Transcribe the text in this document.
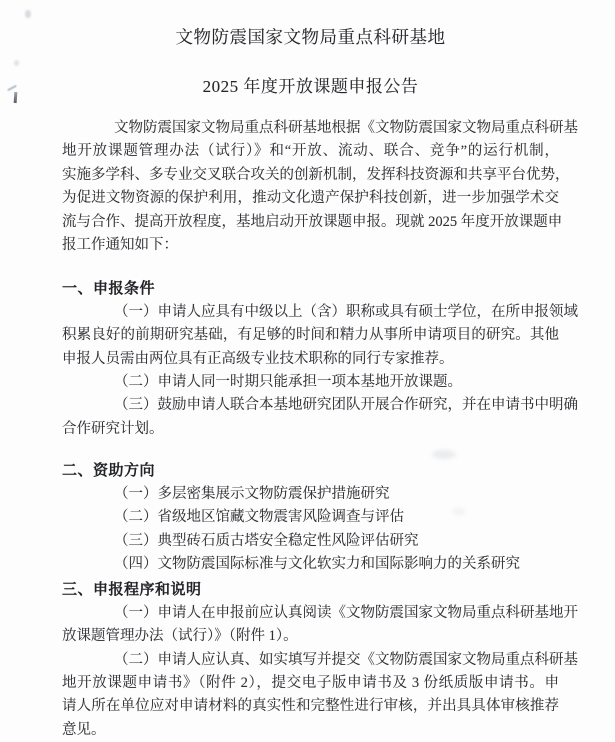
文物防震国家文物局重点科研基地
2025 年度开放课题申报公告
文物防震国家文物局重点科研基地根据《文物防震国家文物局重点科研基
地开放课题管理办法（试行）》和“开放、流动、联合、竞争”的运行机制，
实施多学科、多专业交叉联合攻关的创新机制，发挥科技资源和共享平台优势，
为促进文物资源的保护利用，推动文化遗产保护科技创新，进一步加强学术交
流与合作、提高开放程度，基地启动开放课题申报。现就 2025 年度开放课题申
报工作通知如下：
一、申报条件
（一）申请人应具有中级以上（含）职称或具有硕士学位，在所申报领域
积累良好的前期研究基础，有足够的时间和精力从事所申请项目的研究。其他
申报人员需由两位具有正高级专业技术职称的同行专家推荐。
（二）申请人同一时期只能承担一项本基地开放课题。
（三）鼓励申请人联合本基地研究团队开展合作研究，并在申请书中明确
合作研究计划。
二、资助方向
（一）多层密集展示文物防震保护措施研究
（二）省级地区馆藏文物震害风险调查与评估
（三）典型砖石质古塔安全稳定性风险评估研究
（四）文物防震国际标准与文化软实力和国际影响力的关系研究
三、申报程序和说明
（一）申请人在申报前应认真阅读《文物防震国家文物局重点科研基地开
放课题管理办法（试行）》（附件 1）。
（二）申请人应认真、如实填写并提交《文物防震国家文物局重点科研基
地开放课题申请书》（附件 2），提交电子版申请书及 3 份纸质版申请书。申
请人所在单位应对申请材料的真实性和完整性进行审核，并出具具体审核推荐
意见。
